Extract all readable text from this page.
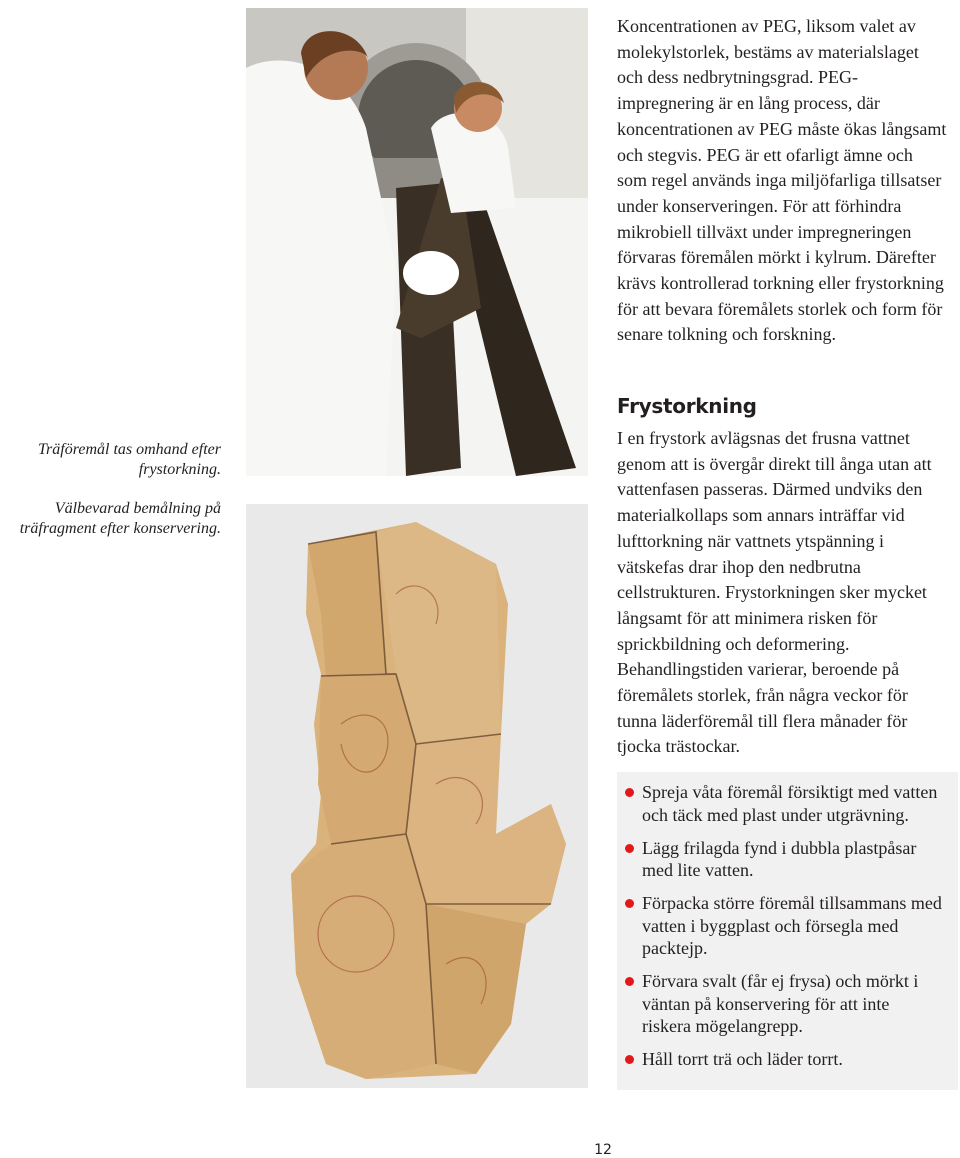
Träföremål tas omhand efter frystorkning.

Välbevarad bemålning på träfragment efter konservering.

Koncentrationen av PEG, liksom valet av molekylstorlek, bestäms av materialslaget och dess nedbrytningsgrad. PEG-impregnering är en lång process, där koncentrationen av PEG måste ökas långsamt och stegvis. PEG är ett ofarligt ämne och som regel används inga miljöfarliga tillsatser under konserveringen. För att förhindra mikrobiell tillväxt under impregneringen förvaras föremålen mörkt i kylrum. Därefter krävs kontrollerad torkning eller frystorkning för att bevara föremålets storlek och form för senare tolkning och forskning.

Frystorkning

I en frystork avlägsnas det frusna vattnet genom att is övergår direkt till ånga utan att vattenfasen passeras. Därmed undviks den materialkollaps som annars inträffar vid lufttorkning när vattnets ytspänning i vätskefas drar ihop den nedbrutna cellstrukturen. Frystorkningen sker mycket långsamt för att minimera risken för sprickbildning och deformering. Behandlingstiden varierar, beroende på föremålets storlek, från några veckor för tunna läderföremål till flera månader för tjocka trästockar.

Spreja våta föremål försiktigt med vatten och täck med plast under utgrävning.
Lägg frilagda fynd i dubbla plastpåsar med lite vatten.
Förpacka större föremål tillsammans med vatten i byggplast och försegla med packtejp.
Förvara svalt (får ej frysa) och mörkt i väntan på konservering för att inte riskera mögelangrepp.
Håll torrt trä och läder torrt.
12
